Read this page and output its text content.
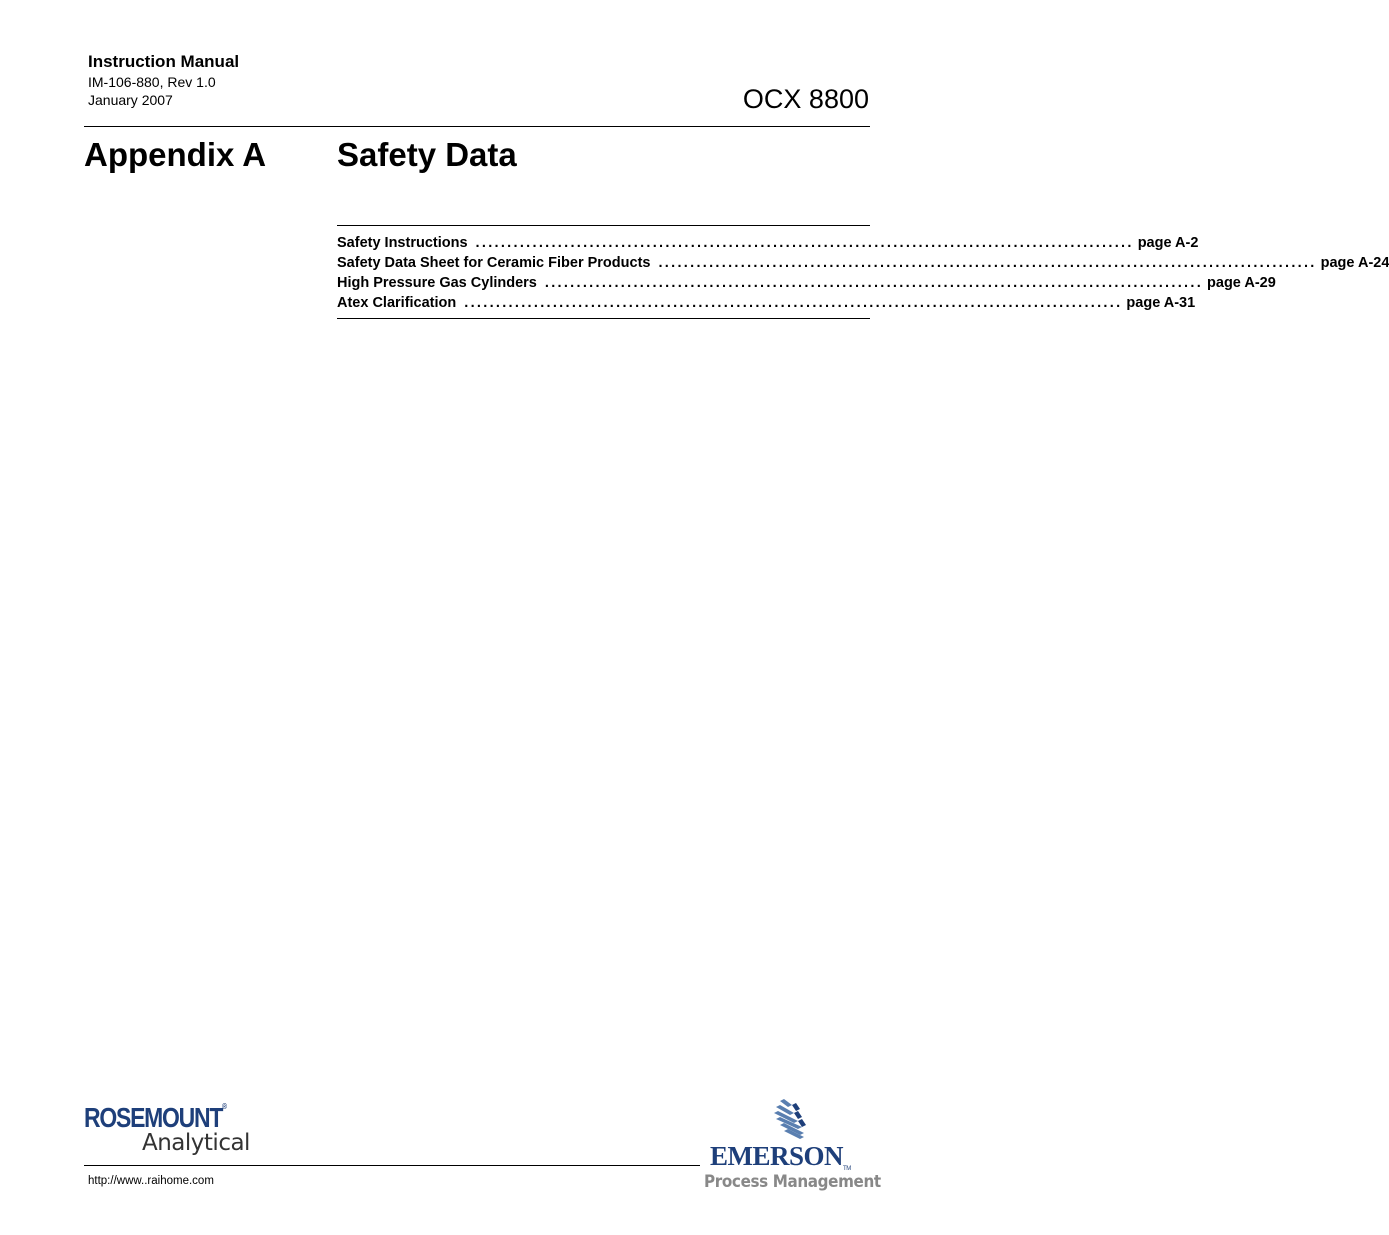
Instruction Manual
IM-106-880, Rev 1.0
January 2007	OCX 8800
Appendix A Safety Data
Safety Instructions ........................................................................................................ page A-2
Safety Data Sheet for Ceramic Fiber Products ........................................................................................................ page A-24
High Pressure Gas Cylinders ........................................................................................................ page A-29
Atex Clarification ........................................................................................................ page A-31
ROSEMOUNT®
Analytical
http://www..raihome.com
EMERSONTM
Process Management
